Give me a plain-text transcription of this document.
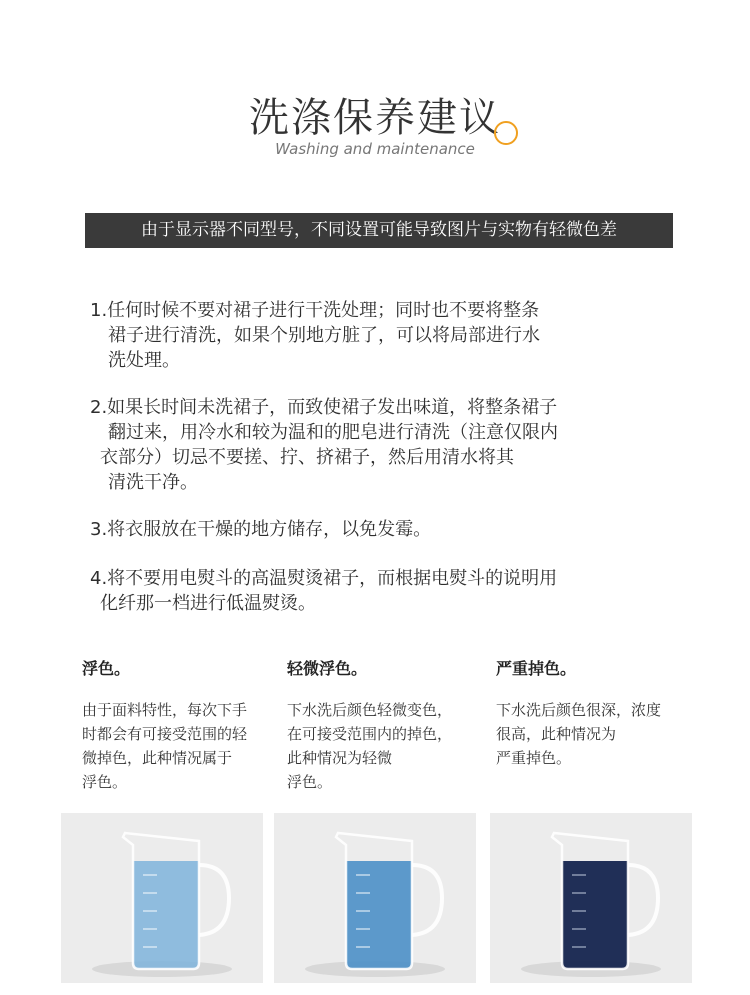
洗涤保养建议
Washing and maintenance
由于显示器不同型号，不同设置可能导致图片与实物有轻微色差

1.任何时候不要对裙子进行干洗处理；同时也不要将整条

裙子进行清洗，如果个别地方脏了，可以将局部进行水

洗处理。

2.如果长时间未洗裙子，而致使裙子发出味道，将整条裙子

翻过来，用冷水和较为温和的肥皂进行清洗（注意仅限内

衣部分）切忌不要搓、拧、挤裙子，然后用清水将其

清洗干净。

3.将衣服放在干燥的地方储存，以免发霉。

4.将不要用电熨斗的高温熨烫裙子，而根据电熨斗的说明用

化纤那一档进行低温熨烫。

浮色。

由于面料特性，每次下手

时都会有可接受范围的轻

微掉色，此种情况属于

浮色。

轻微浮色。

下水洗后颜色轻微变色，

在可接受范围内的掉色，

此种情况为轻微

浮色。

严重掉色。

下水洗后颜色很深，浓度

很高，此种情况为

严重掉色。
